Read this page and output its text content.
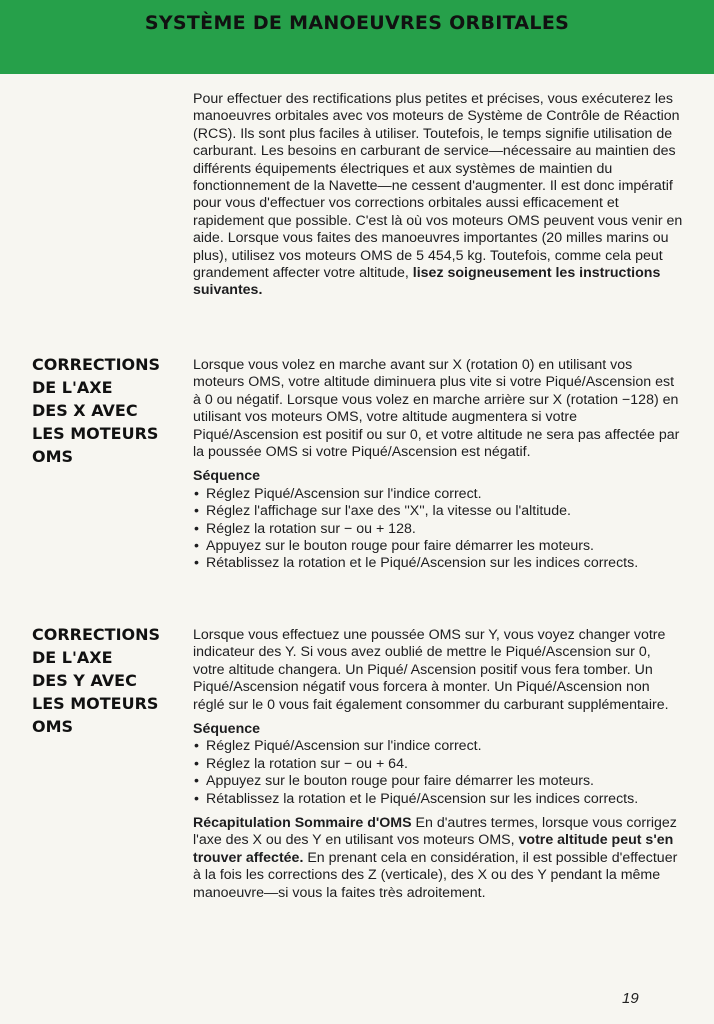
SYSTÈME DE MANOEUVRES ORBITALES

Pour effectuer des rectifications plus petites et précises, vous exécuterez les manoeuvres orbitales avec vos moteurs de Système de Contrôle de Réaction (RCS). Ils sont plus faciles à utiliser. Toutefois, le temps signifie utilisation de carburant. Les besoins en carburant de service—nécessaire au maintien des différents équipements électriques et aux systèmes de maintien du fonctionnement de la Navette—ne cessent d'augmenter. Il est donc impératif pour vous d'effectuer vos corrections orbitales aussi efficacement et rapidement que possible. C'est là où vos moteurs OMS peuvent vous venir en aide. Lorsque vous faites des manoeuvres importantes (20 milles marins ou plus), utilisez vos moteurs OMS de 5 454,5 kg. Toutefois, comme cela peut grandement affecter votre altitude, lisez soigneusement les instructions suivantes.

CORRECTIONS
DE L'AXE
DES X AVEC
LES MOTEURS
OMS

Lorsque vous volez en marche avant sur X (rotation 0) en utilisant vos moteurs OMS, votre altitude diminuera plus vite si votre Piqué/Ascension est à 0 ou négatif. Lorsque vous volez en marche arrière sur X (rotation −128) en utilisant vos moteurs OMS, votre altitude augmentera si votre Piqué/Ascension est positif ou sur 0, et votre altitude ne sera pas affectée par la poussée OMS si votre Piqué/Ascension est négatif.

Séquence

• Réglez Piqué/Ascension sur l'indice correct.
• Réglez l'affichage sur l'axe des ''X'', la vitesse ou l'altitude.
• Réglez la rotation sur − ou + 128.
• Appuyez sur le bouton rouge pour faire démarrer les moteurs.
• Rétablissez la rotation et le Piqué/Ascension sur les indices corrects.
CORRECTIONS
DE L'AXE
DES Y AVEC
LES MOTEURS
OMS

Lorsque vous effectuez une poussée OMS sur Y, vous voyez changer votre indicateur des Y. Si vous avez oublié de mettre le Piqué/Ascension sur 0, votre altitude changera. Un Piqué/ Ascension positif vous fera tomber. Un Piqué/Ascension négatif vous forcera à monter. Un Piqué/Ascension non réglé sur le 0 vous fait également consommer du carburant supplémentaire.

Séquence

• Réglez Piqué/Ascension sur l'indice correct.
• Réglez la rotation sur − ou + 64.
• Appuyez sur le bouton rouge pour faire démarrer les moteurs.
• Rétablissez la rotation et le Piqué/Ascension sur les indices corrects.

Récapitulation Sommaire d'OMS En d'autres termes, lorsque vous corrigez l'axe des X ou des Y en utilisant vos moteurs OMS, votre altitude peut s'en trouver affectée. En prenant cela en considération, il est possible d'effectuer à la fois les corrections des Z (verticale), des X ou des Y pendant la même manoeuvre—si vous la faites très adroitement.

19
